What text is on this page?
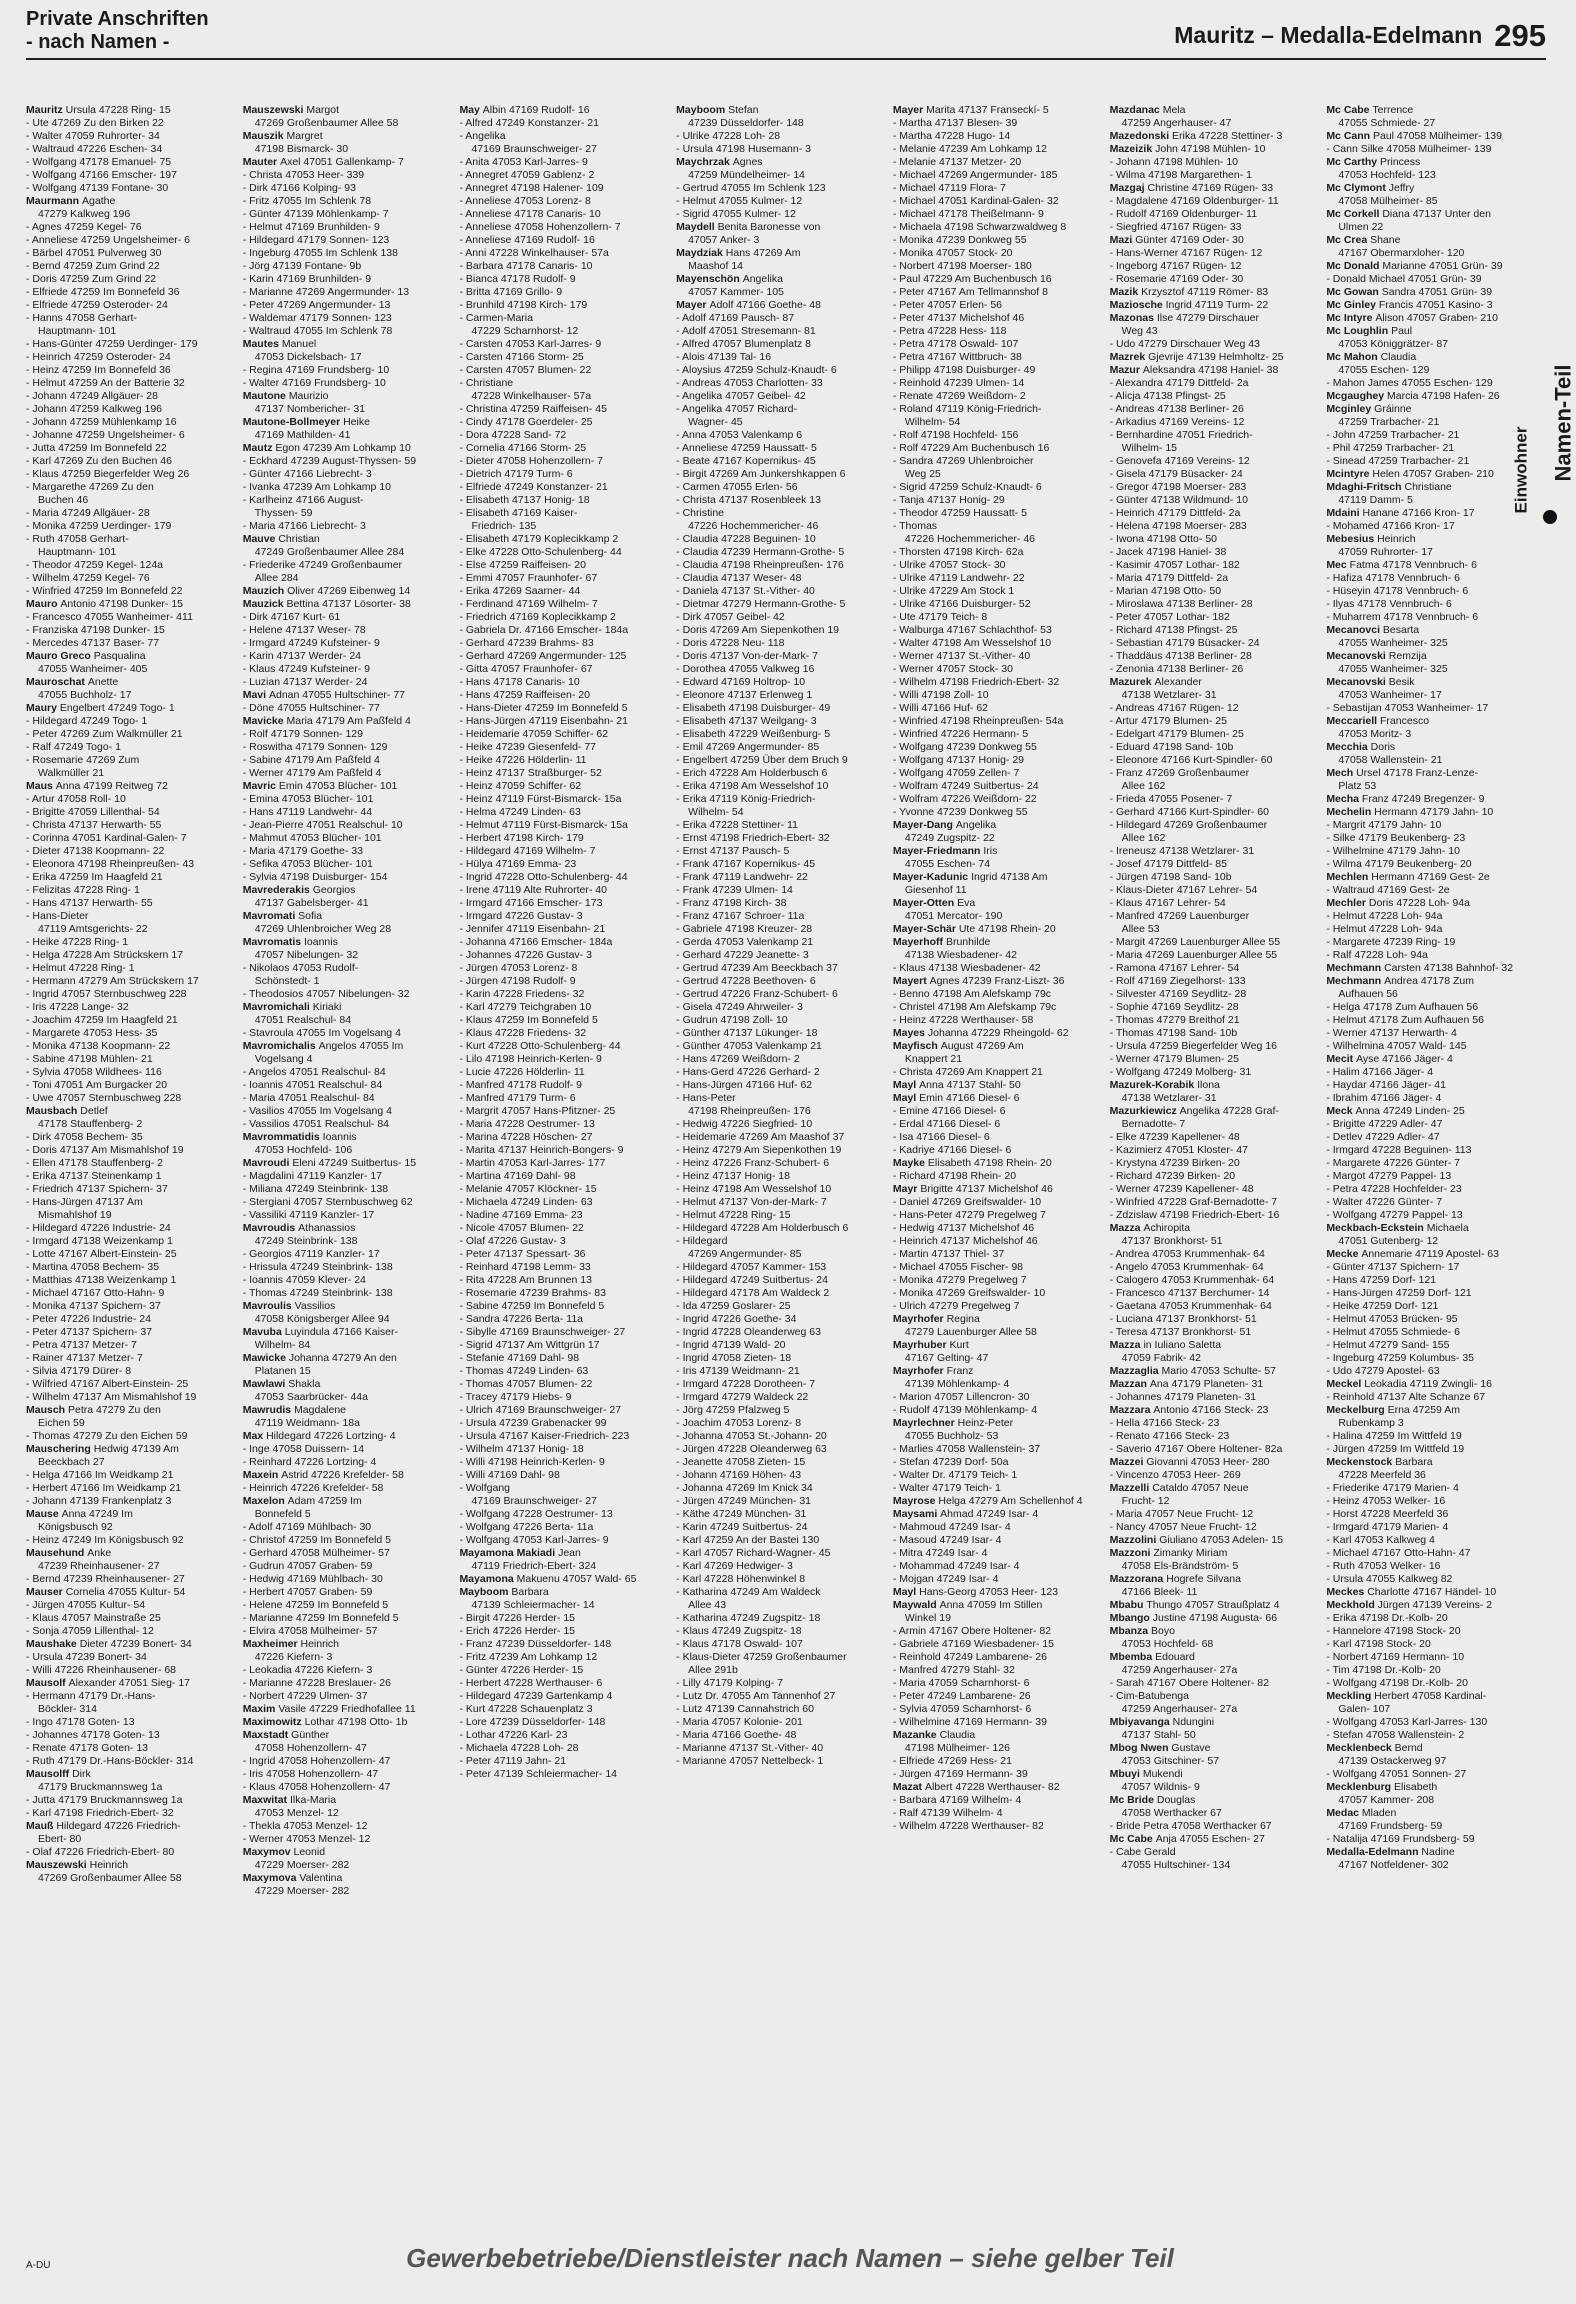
Private Anschriften
- nach Namen -	Mauritz – Medalla-Edelmann 295
Mauritz Ursula 47228 Ring- 15
- Ute 47269 Zu den Birken 22
- Walter 47059 Ruhrorter- 34
- Waltraud 47226 Eschen- 34
- Wolfgang 47178 Emanuel- 75
- Wolfgang 47166 Emscher- 197
- Wolfgang 47139 Fontane- 30
Maurmann Agathe
47279 Kalkweg 196
- Agnes 47259 Kegel- 76
- Anneliese 47259 Ungelsheimer- 6
- Bärbel 47051 Pulverweg 30
- Bernd 47259 Zum Grind 22
- Doris 47259 Zum Grind 22
- Elfriede 47259 Im Bonnefeld 36
- Elfriede 47259 Osteroder- 24
- Hanns 47058 Gerhart-
Hauptmann- 101
- Hans-Günter 47259 Uerdinger- 179
- Heinrich 47259 Osteroder- 24
- Heinz 47259 Im Bonnefeld 36
- Helmut 47259 An der Batterie 32
- Johann 47249 Allgäuer- 28
- Johann 47259 Kalkweg 196
- Johann 47259 Mühlenkamp 16
- Johanne 47259 Ungelsheimer- 6
- Jutta 47259 Im Bonnefeld 22
- Karl 47269 Zu den Buchen 46
- Klaus 47259 Biegerfelder Weg 26
- Margarethe 47269 Zu den
Buchen 46
- Maria 47249 Allgäuer- 28
- Monika 47259 Uerdinger- 179
- Ruth 47058 Gerhart-
Hauptmann- 101
- Theodor 47259 Kegel- 124a
- Wilhelm 47259 Kegel- 76
- Winfried 47259 Im Bonnefeld 22
Mauro Antonio 47198 Dunker- 15
- Francesco 47055 Wanheimer- 411
- Franziska 47198 Dunker- 15
- Mercedes 47137 Baser- 77
Mauro Greco Pasqualina
47055 Wanheimer- 405
Mauroschat Anette
47055 Buchholz- 17
Maury Engelbert 47249 Togo- 1
- Hildegard 47249 Togo- 1
- Peter 47269 Zum Walkmüller 21
- Ralf 47249 Togo- 1
- Rosemarie 47269 Zum
Walkmüller 21
Maus Anna 47199 Reitweg 72
- Artur 47058 Roll- 10
- Brigitte 47059 Lillenthal- 54
- Christa 47137 Herwarth- 55
- Corinna 47051 Kardinal-Galen- 7
- Dieter 47138 Koopmann- 22
- Eleonora 47198 Rheinpreußen- 43
- Erika 47259 Im Haagfeld 21
- Felizitas 47228 Ring- 1
- Hans 47137 Herwarth- 55
- Hans-Dieter
47119 Amtsgerichts- 22
- Heike 47228 Ring- 1
- Helga 47228 Am Strückskern 17
- Helmut 47228 Ring- 1
- Hermann 47279 Am Strückskern 17
- Ingrid 47057 Sternbuschweg 228
- Iris 47228 Lange- 32
- Joachim 47259 Im Haagfeld 21
- Margarete 47053 Hess- 35
- Monika 47138 Koopmann- 22
- Sabine 47198 Mühlen- 21
- Sylvia 47058 Wildhees- 116
- Toni 47051 Am Burgacker 20
- Uwe 47057 Sternbuschweg 228
Mausbach Detlef
47178 Stauffenberg- 2
- Dirk 47058 Bechem- 35
- Doris 47137 Am Mismahlshof 19
- Ellen 47178 Stauffenberg- 2
- Erika 47137 Steinenkamp 1
- Friedrich 47137 Spichern- 37
- Hans-Jürgen 47137 Am
Mismahlshof 19
- Hildegard 47226 Industrie- 24
- Irmgard 47138 Weizenkamp 1
- Lotte 47167 Albert-Einstein- 25
- Martina 47058 Bechem- 35
- Matthias 47138 Weizenkamp 1
- Michael 47167 Otto-Hahn- 9
- Monika 47137 Spichern- 37
- Peter 47226 Industrie- 24
- Peter 47137 Spichern- 37
- Petra 47137 Metzer- 7
- Rainer 47137 Metzer- 7
- Silvia 47179 Dürer- 8
- Wilfried 47167 Albert-Einstein- 25
- Wilhelm 47137 Am Mismahlshof 19
Mausch Petra 47279 Zu den
Eichen 59
- Thomas 47279 Zu den Eichen 59
Mauschering Hedwig 47139 Am
Beeckbach 27
- Helga 47166 Im Weidkamp 21
- Herbert 47166 Im Weidkamp 21
- Johann 47139 Frankenplatz 3
Mause Anna 47249 Im
Königsbusch 92
- Heinz 47249 Im Königsbusch 92
Mausehund Anke
47239 Rheinhausener- 27
- Bernd 47239 Rheinhausener- 27
Mauser Cornelia 47055 Kultur- 54
- Jürgen 47055 Kultur- 54
- Klaus 47057 Mainstraße 25
- Sonja 47059 Lillenthal- 12
Maushake Dieter 47239 Bonert- 34
- Ursula 47239 Bonert- 34
- Willi 47226 Rheinhausener- 68
Mausolf Alexander 47051 Sieg- 17
- Hermann 47179 Dr.-Hans-
Böckler- 314
- Ingo 47178 Goten- 13
- Johannes 47178 Goten- 13
- Renate 47178 Goten- 13
- Ruth 47179 Dr.-Hans-Böckler- 314
Mausolff Dirk
47179 Bruckmannsweg 1a
- Jutta 47179 Bruckmannsweg 1a
- Karl 47198 Friedrich-Ebert- 32
Mauß Hildegard 47226 Friedrich-
Ebert- 80
- Olaf 47226 Friedrich-Ebert- 80
Mauszewski Heinrich
47269 Großenbaumer Allee 58
Mauszewski Margot
47269 Großenbaumer Allee 58
Mauszik Margret
47198 Bismarck- 30
Mauter Axel 47051 Gallenkamp- 7
- Christa 47053 Heer- 339
- Dirk 47166 Kolping- 93
- Fritz 47055 Im Schlenk 78
- Günter 47139 Möhlenkamp- 7
- Helmut 47169 Brunhilden- 9
- Hildegard 47179 Sonnen- 123
- Ingeburg 47055 Im Schlenk 138
- Jörg 47139 Fontane- 9b
- Karin 47169 Brunhilden- 9
- Marianne 47269 Angermunder- 13
- Peter 47269 Angermunder- 13
- Waldemar 47179 Sonnen- 123
- Waltraud 47055 Im Schlenk 78
Mautes Manuel
47053 Dickelsbach- 17
- Regina 47169 Frundsberg- 10
- Walter 47169 Frundsberg- 10
Mautone Maurizio
47137 Nombericher- 31
Mautone-Bollmeyer Heike
47169 Mathilden- 41
Mautz Egon 47239 Am Lohkamp 10
- Eckhard 47239 August-Thyssen- 59
- Günter 47166 Liebrecht- 3
- Ivanka 47239 Am Lohkamp 10
- Karlheinz 47166 August-
Thyssen- 59
- Maria 47166 Liebrecht- 3
Mauve Christian
47249 Großenbaumer Allee 284
- Friederike 47249 Großenbaumer
Allee 284
Mauzich Oliver 47269 Eibenweg 14
Mauzick Bettina 47137 Lösorter- 38
- Dirk 47167 Kurt- 61
- Helene 47137 Weser- 78
- Irmgard 47249 Kufsteiner- 9
- Karin 47137 Werder- 24
- Klaus 47249 Kufsteiner- 9
- Luzian 47137 Werder- 24
Mavi Adnan 47055 Hultschiner- 77
- Döne 47055 Hultschiner- 77
Mavicke Maria 47179 Am Paßfeld 4
- Rolf 47179 Sonnen- 129
- Roswitha 47179 Sonnen- 129
- Sabine 47179 Am Paßfeld 4
- Werner 47179 Am Paßfeld 4
Mavric Emin 47053 Blücher- 101
- Emina 47053 Blücher- 101
- Hans 47119 Landwehr- 44
- Jean-Pierre 47051 Realschul- 10
- Mahmut 47053 Blücher- 101
- Maria 47179 Goethe- 33
- Sefika 47053 Blücher- 101
- Sylvia 47198 Duisburger- 154
Mavrederakis Georgios
47137 Gabelsberger- 41
Mavromati Sofia
47269 Uhlenbroicher Weg 28
Mavromatis Ioannis
47057 Nibelungen- 32
- Nikolaos 47053 Rudolf-
Schönstedt- 1
- Theodosios 47057 Nibelungen- 32
Mavromichali Kiriaki
47051 Realschul- 84
- Stavroula 47055 Im Vogelsang 4
Mavromichalis Angelos 47055 Im
Vogelsang 4
- Angelos 47051 Realschul- 84
- Ioannis 47051 Realschul- 84
- Maria 47051 Realschul- 84
- Vasilios 47055 Im Vogelsang 4
- Vassilios 47051 Realschul- 84
Mavrommatidis Ioannis
47053 Hochfeld- 106
Mavroudi Eleni 47249 Suitbertus- 15
- Magdalini 47119 Kanzler- 17
- Miliana 47249 Steinbrink- 138
- Stergiani 47057 Sternbuschweg 62
- Vassiliki 47119 Kanzler- 17
Mavroudis Athanassios
47249 Steinbrink- 138
- Georgios 47119 Kanzler- 17
- Hrissula 47249 Steinbrink- 138
- Ioannis 47059 Klever- 24
- Thomas 47249 Steinbrink- 138
Mavroulis Vassilios
47058 Königsberger Allee 94
Mavuba Luyindula 47166 Kaiser-
Wilhelm- 84
Mawicke Johanna 47279 An den
Platanen 15
Mawlawi Shakla
47053 Saarbrücker- 44a
Mawrudis Magdalene
47119 Weidmann- 18a
Max Hildegard 47226 Lortzing- 4
- Inge 47058 Duissern- 14
- Reinhard 47226 Lortzing- 4
Maxein Astrid 47226 Krefelder- 58
- Heinrich 47226 Krefelder- 58
Maxelon Adam 47259 Im
Bonnefeld 5
- Adolf 47169 Mühlbach- 30
- Christof 47259 Im Bonnefeld 5
- Gerhard 47058 Mülheimer- 57
- Gudrun 47057 Graben- 59
- Hedwig 47169 Mühlbach- 30
- Herbert 47057 Graben- 59
- Helene 47259 Im Bonnefeld 5
- Marianne 47259 Im Bonnefeld 5
- Elvira 47058 Mülheimer- 57
Maxheimer Heinrich
47226 Kiefern- 3
- Leokadia 47226 Kiefern- 3
- Marianne 47228 Breslauer- 26
- Norbert 47229 Ulmen- 37
Maxim Vasile 47229 Friedhofallee 11
Maximowitz Lothar 47198 Otto- 1b
Maxstadt Günther
47058 Hohenzollern- 47
- Ingrid 47058 Hohenzollern- 47
- Iris 47058 Hohenzollern- 47
- Klaus 47058 Hohenzollern- 47
Maxwitat Ilka-Maria
47053 Menzel- 12
- Thekla 47053 Menzel- 12
- Werner 47053 Menzel- 12
Maxymov Leonid
47229 Moerser- 282
Maxymova Valentina
47229 Moerser- 282
May Albin 47169 Rudolf- 16
- Alfred 47249 Konstanzer- 21
- Angelika
47169 Braunschweiger- 27
- Anita 47053 Karl-Jarres- 9
- Annegret 47059 Gablenz- 2
- Annegret 47198 Halener- 109
- Anneliese 47053 Lorenz- 8
- Anneliese 47178 Canaris- 10
- Anneliese 47058 Hohenzollern- 7
- Anneliese 47169 Rudolf- 16
- Anni 47228 Winkelhauser- 57a
- Barbara 47178 Canaris- 10
- Bianca 47178 Rudolf- 9
- Britta 47169 Grillo- 9
- Brunhild 47198 Kirch- 179
- Carmen-Maria
47229 Scharnhorst- 12
- Carsten 47053 Karl-Jarres- 9
- Carsten 47166 Storm- 25
- Carsten 47057 Blumen- 22
- Christiane
47228 Winkelhauser- 57a
- Christina 47259 Raiffeisen- 45
- Cindy 47178 Goerdeler- 25
- Dora 47228 Sand- 72
- Cornelia 47166 Storm- 25
- Dieter 47058 Hohenzollern- 7
- Dietrich 47179 Turm- 6
- Elfriede 47249 Konstanzer- 21
- Elisabeth 47137 Honig- 18
- Elisabeth 47169 Kaiser-
Friedrich- 135
- Elisabeth 47179 Koplecikkamp 2
- Elke 47228 Otto-Schulenberg- 44
- Else 47259 Raiffeisen- 20
- Emmi 47057 Fraunhofer- 67
- Erika 47269 Saarner- 44
- Ferdinand 47169 Wilhelm- 7
- Friedrich 47169 Koplecikkamp 2
- Gabriela Dr. 47166 Emscher- 184a
- Gerhard 47239 Brahms- 83
- Gerhard 47269 Angermunder- 125
- Gitta 47057 Fraunhofer- 67
- Hans 47178 Canaris- 10
- Hans 47259 Raiffeisen- 20
- Hans-Dieter 47259 Im Bonnefeld 5
- Hans-Jürgen 47119 Eisenbahn- 21
- Heidemarie 47059 Schiffer- 62
- Heike 47239 Giesenfeld- 77
- Heike 47226 Hölderlin- 11
- Heinz 47137 Straßburger- 52
- Heinz 47059 Schiffer- 62
- Heinz 47119 Fürst-Bismarck- 15a
- Helma 47249 Linden- 63
- Helmut 47119 Fürst-Bismarck- 15a
- Herbert 47198 Kirch- 179
- Hildegard 47169 Wilhelm- 7
- Hülya 47169 Emma- 23
- Ingrid 47228 Otto-Schulenberg- 44
- Irene 47119 Alte Ruhrorter- 40
- Irmgard 47166 Emscher- 173
- Irmgard 47226 Gustav- 3
- Jennifer 47119 Eisenbahn- 21
- Johanna 47166 Emscher- 184a
- Johannes 47226 Gustav- 3
- Jürgen 47053 Lorenz- 8
- Jürgen 47198 Rudolf- 9
- Karin 47228 Friedens- 32
- Karl 47279 Teichgraben 10
- Klaus 47259 Im Bonnefeld 5
- Klaus 47228 Friedens- 32
- Kurt 47228 Otto-Schulenberg- 44
- Lilo 47198 Heinrich-Kerlen- 9
- Lucie 47226 Hölderlin- 11
- Manfred 47178 Rudolf- 9
- Manfred 47179 Turm- 6
- Margrit 47057 Hans-Pfitzner- 25
- Maria 47228 Oestrumer- 13
- Marina 47228 Höschen- 27
- Marita 47137 Heinrich-Bongers- 9
- Martin 47053 Karl-Jarres- 177
- Martina 47169 Dahl- 98
- Melanie 47057 Klöckner- 15
- Michaela 47249 Linden- 63
- Nadine 47169 Emma- 23
- Nicole 47057 Blumen- 22
- Olaf 47226 Gustav- 3
- Peter 47137 Spessart- 36
- Reinhard 47198 Lemm- 33
- Rita 47228 Am Brunnen 13
- Rosemarie 47239 Brahms- 83
- Sabine 47259 Im Bonnefeld 5
- Sandra 47226 Berta- 11a
- Sibylle 47169 Braunschweiger- 27
- Sigrid 47137 Am Wittgrün 17
- Stefanie 47169 Dahl- 98
- Thomas 47249 Linden- 63
- Thomas 47057 Blumen- 22
- Tracey 47179 Hiebs- 9
- Ulrich 47169 Braunschweiger- 27
- Ursula 47239 Grabenacker 99
- Ursula 47167 Kaiser-Friedrich- 223
- Wilhelm 47137 Honig- 18
- Willi 47198 Heinrich-Kerlen- 9
- Willi 47169 Dahl- 98
- Wolfgang
47169 Braunschweiger- 27
- Wolfgang 47228 Oestrumer- 13
- Wolfgang 47226 Berta- 11a
- Wolfgang 47053 Karl-Jarres- 9
Mayamona Makiadi Jean
47119 Friedrich-Ebert- 324
Mayamona Makuenu 47057 Wald- 65
Mayboom Barbara
47139 Schleiermacher- 14
- Birgit 47226 Herder- 15
- Erich 47226 Herder- 15
- Franz 47239 Düsseldorfer- 148
- Fritz 47239 Am Lohkamp 12
- Günter 47226 Herder- 15
- Herbert 47228 Werthauser- 6
- Hildegard 47239 Gartenkamp 4
- Kurt 47228 Schauenplatz 3
- Lore 47239 Düsseldorfer- 148
- Lothar 47226 Karl- 23
- Michaela 47228 Loh- 28
- Peter 47119 Jahn- 21
- Peter 47139 Schleiermacher- 14
Mayboom Stefan
47239 Düsseldorfer- 148
- Ulrike 47228 Loh- 28
- Ursula 47198 Husemann- 3
Maychrzak Agnes
47259 Mündelheimer- 14
- Gertrud 47055 Im Schlenk 123
- Helmut 47055 Kulmer- 12
- Sigrid 47055 Kulmer- 12
Maydell Benita Baronesse von
47057 Anker- 3
Maydziak Hans 47269 Am
Maashof 14
Mayenschön Angelika
47057 Kammer- 105
Mayer Adolf 47166 Goethe- 48
- Adolf 47169 Pausch- 87
- Adolf 47051 Stresemann- 81
- Alfred 47057 Blumenplatz 8
- Alois 47139 Tal- 16
- Aloysius 47259 Schulz-Knaudt- 6
- Andreas 47053 Charlotten- 33
- Angelika 47057 Geibel- 42
- Angelika 47057 Richard-
Wagner- 45
- Anna 47053 Valenkamp 6
- Anneliese 47259 Haussatt- 5
- Beate 47167 Kopernikus- 45
- Birgit 47269 Am Junkershkappen 6
- Carmen 47055 Erlen- 56
- Christa 47137 Rosenbleek 13
- Christine
47226 Hochemmericher- 46
- Claudia 47228 Beguinen- 10
- Claudia 47239 Hermann-Grothe- 5
- Claudia 47198 Rheinpreußen- 176
- Claudia 47137 Weser- 48
- Daniela 47137 St.-Vither- 40
- Dietmar 47279 Hermann-Grothe- 5
- Dirk 47057 Geibel- 42
- Doris 47269 Am Siepenkothen 19
- Doris 47228 Neu- 118
- Doris 47137 Von-der-Mark- 7
- Dorothea 47055 Valkweg 16
- Edward 47169 Holtrop- 10
- Eleonore 47137 Erlenweg 1
- Elisabeth 47198 Duisburger- 49
- Elisabeth 47137 Weilgang- 3
- Elisabeth 47229 Weißenburg- 5
- Emil 47269 Angermunder- 85
- Engelbert 47259 Über dem Bruch 9
- Erich 47228 Am Holderbusch 6
- Erika 47198 Am Wesselshof 10
- Erika 47119 König-Friedrich-
Wilhelm- 54
- Erika 47228 Stettiner- 11
- Ernst 47198 Friedrich-Ebert- 32
- Ernst 47137 Pausch- 5
- Frank 47167 Kopernikus- 45
- Frank 47119 Landwehr- 22
- Frank 47239 Ulmen- 14
- Franz 47198 Kirch- 38
- Franz 47167 Schroer- 11a
- Gabriele 47198 Kreuzer- 28
- Gerda 47053 Valenkamp 21
- Gerhard 47229 Jeanette- 3
- Gertrud 47239 Am Beeckbach 37
- Gertrud 47228 Beethoven- 6
- Gertrud 47226 Franz-Schubert- 6
- Gisela 47249 Ahrweiler- 3
- Gudrun 47198 Zoll- 10
- Günther 47137 Lükunger- 18
- Günther 47053 Valenkamp 21
- Hans 47269 Weißdorn- 2
- Hans-Gerd 47226 Gerhard- 2
- Hans-Jürgen 47166 Huf- 62
- Hans-Peter
47198 Rheinpreußen- 176
- Hedwig 47226 Siegfried- 10
- Heidemarie 47269 Am Maashof 37
- Heinz 47279 Am Siepenkothen 19
- Heinz 47226 Franz-Schubert- 6
- Heinz 47137 Honig- 18
- Heinz 47198 Am Wesselshof 10
- Helmut 47137 Von-der-Mark- 7
- Helmut 47228 Ring- 15
- Hildegard 47228 Am Holderbusch 6
- Hildegard
47269 Angermunder- 85
- Hildegard 47057 Kammer- 153
- Hildegard 47249 Suitbertus- 24
- Hildegard 47178 Am Waldeck 2
- Ida 47259 Goslarer- 25
- Ingrid 47226 Goethe- 34
- Ingrid 47228 Oleanderweg 63
- Ingrid 47139 Wald- 20
- Ingrid 47058 Zieten- 18
- Iris 47139 Weidmann- 21
- Irmgard 47228 Dorotheen- 7
- Irmgard 47279 Waldeck 22
- Jörg 47259 Pfalzweg 5
- Joachim 47053 Lorenz- 8
- Johanna 47053 St.-Johann- 20
- Jürgen 47228 Oleanderweg 63
- Jeanette 47058 Zieten- 15
- Johann 47169 Höhen- 43
- Johanna 47269 Im Knick 34
- Jürgen 47249 München- 31
- Käthe 47249 München- 31
- Karin 47249 Suitbertus- 24
- Karl 47259 An der Bastei 130
- Karl 47057 Richard-Wagner- 45
- Karl 47269 Hedwiger- 3
- Karl 47228 Höhenwinkel 8
- Katharina 47249 Am Waldeck
Allee 43
- Katharina 47249 Zugspitz- 18
- Klaus 47249 Zugspitz- 18
- Klaus 47178 Oswald- 107
- Klaus-Dieter 47259 Großenbaumer
Allee 291b
- Lilly 47179 Kolping- 7
- Lutz Dr. 47055 Am Tannenhof 27
- Lutz 47139 Cannahstrich 60
- Maria 47057 Kolonie- 201
- Maria 47166 Goethe- 48
- Marianne 47137 St.-Vither- 40
- Marianne 47057 Nettelbeck- 1
Mayer Marita 47137 Franseckí- 5
- Martha 47137 Blesen- 39
- Martha 47228 Hugo- 14
- Melanie 47239 Am Lohkamp 12
- Melanie 47137 Metzer- 20
- Michael 47269 Angermunder- 185
- Michael 47119 Flora- 7
- Michael 47051 Kardinal-Galen- 32
- Michael 47178 Theißelmann- 9
- Michaela 47198 Schwarzwaldweg 8
- Monika 47239 Donkweg 55
- Monika 47057 Stock- 20
- Norbert 47198 Moerser- 180
- Paul 47229 Am Buchenbusch 16
- Peter 47167 Am Tellmannshof 8
- Peter 47057 Erlen- 56
- Peter 47137 Michelshof 46
- Petra 47228 Hess- 118
- Petra 47178 Oswald- 107
- Petra 47167 Wittbruch- 38
- Philipp 47198 Duisburger- 49
- Reinhold 47239 Ulmen- 14
- Renate 47269 Weißdorn- 2
- Roland 47119 König-Friedrich-
Wilhelm- 54
- Rolf 47198 Hochfeld- 156
- Rolf 47229 Am Buchenbusch 16
- Sandra 47269 Uhlenbroicher
Weg 25
- Sigrid 47259 Schulz-Knaudt- 6
- Tanja 47137 Honig- 29
- Theodor 47259 Haussatt- 5
- Thomas
47226 Hochemmericher- 46
- Thorsten 47198 Kirch- 62a
- Ulrike 47057 Stock- 30
- Ulrike 47119 Landwehr- 22
- Ulrike 47229 Am Stock 1
- Ulrike 47166 Duisburger- 52
- Ute 47179 Teich- 8
- Walburga 47167 Schlachthof- 53
- Walter 47198 Am Wesselshof 10
- Werner 47137 St.-Vither- 40
- Werner 47057 Stock- 30
- Wilhelm 47198 Friedrich-Ebert- 32
- Willi 47198 Zoll- 10
- Willi 47166 Huf- 62
- Winfried 47198 Rheinpreußen- 54a
- Winfried 47226 Hermann- 5
- Wolfgang 47239 Donkweg 55
- Wolfgang 47137 Honig- 29
- Wolfgang 47059 Zellen- 7
- Wolfram 47249 Suitbertus- 24
- Wolfram 47226 Weißdorn- 22
- Yvonne 47239 Donkweg 55
Mayer-Dang Angelika
47249 Zugspitz- 22
Mayer-Friedmann Iris
47055 Eschen- 74
Mayer-Kadunic Ingrid 47138 Am
Giesenhof 11
Mayer-Otten Eva
47051 Mercator- 190
Mayer-Schär Ute 47198 Rhein- 20
Mayerhoff Brunhilde
47138 Wiesbadener- 42
- Klaus 47138 Wiesbadener- 42
Mayert Agnes 47239 Franz-Liszt- 36
- Benno 47198 Am Alefskamp 79c
- Christel 47198 Am Alefskamp 79c
- Heinz 47228 Werthauser- 58
Mayes Johanna 47229 Rheingold- 62
Mayfisch August 47269 Am
Knappert 21
- Christa 47269 Am Knappert 21
Mayl Anna 47137 Stahl- 50
Mayl Emin 47166 Diesel- 6
- Emine 47166 Diesel- 6
- Erdal 47166 Diesel- 6
- Isa 47166 Diesel- 6
- Kadriye 47166 Diesel- 6
Mayke Elisabeth 47198 Rhein- 20
- Richard 47198 Rhein- 20
Mayr Brigitte 47137 Michelshof 46
- Daniel 47269 Greifswalder- 10
- Hans-Peter 47279 Pregelweg 7
- Hedwig 47137 Michelshof 46
- Heinrich 47137 Michelshof 46
- Martin 47137 Thiel- 37
- Michael 47055 Fischer- 98
- Monika 47279 Pregelweg 7
- Monika 47269 Greifswalder- 10
- Ulrich 47279 Pregelweg 7
Mayrhofer Regina
47279 Lauenburger Allee 58
Mayrhuber Kurt
47167 Gelting- 47
Mayrhofer Franz
47139 Möhlenkamp- 4
- Marion 47057 Lillencron- 30
- Rudolf 47139 Möhlenkamp- 4
Mayrlechner Heinz-Peter
47055 Buchholz- 53
- Marlies 47058 Wallenstein- 37
- Stefan 47239 Dorf- 50a
- Walter Dr. 47179 Teich- 1
- Walter 47179 Teich- 1
Mayrose Helga 47279 Am Schellenhof 4
Maysami Ahmad 47249 Isar- 4
- Mahmoud 47249 Isar- 4
- Masoud 47249 Isar- 4
- Mitra 47249 Isar- 4
- Mohammad 47249 Isar- 4
- Mojgan 47249 Isar- 4
Mayl Hans-Georg 47053 Heer- 123
Maywald Anna 47059 Im Stillen
Winkel 19
- Armin 47167 Obere Holtener- 82
- Gabriele 47169 Wiesbadener- 15
- Reinhold 47249 Lambarene- 26
- Manfred 47279 Stahl- 32
- Maria 47059 Scharnhorst- 6
- Peter 47249 Lambarene- 26
- Sylvia 47059 Scharnhorst- 6
- Wilhelmine 47169 Hermann- 39
Mazanke Claudia
47198 Mülheimer- 126
- Elfriede 47269 Hess- 21
- Jürgen 47169 Hermann- 39
Mazat Albert 47228 Werthauser- 82
- Barbara 47169 Wilhelm- 4
- Ralf 47139 Wilhelm- 4
- Wilhelm 47228 Werthauser- 82
Mazdanac Mela
47259 Angerhauser- 47
Mazedonski Erika 47228 Stettiner- 3
Mazeizik John 47198 Mühlen- 10
- Johann 47198 Mühlen- 10
- Wilma 47198 Margarethen- 1
Mazgaj Christine 47169 Rügen- 33
- Magdalene 47169 Oldenburger- 11
- Rudolf 47169 Oldenburger- 11
- Siegfried 47167 Rügen- 33
Mazi Günter 47169 Oder- 30
- Hans-Werner 47167 Rügen- 12
- Ingeborg 47167 Rügen- 12
- Rosemarie 47169 Oder- 30
Mazik Krzysztof 47119 Römer- 83
Maziosche Ingrid 47119 Turm- 22
Mazonas Ilse 47279 Dirschauer
Weg 43
- Udo 47279 Dirschauer Weg 43
Mazrek Gjevrije 47139 Helmholtz- 25
Mazur Aleksandra 47198 Haniel- 38
- Alexandra 47179 Dittfeld- 2a
- Alicja 47138 Pfingst- 25
- Andreas 47138 Berliner- 26
- Arkadius 47169 Vereins- 12
- Bernhardine 47051 Friedrich-
Wilhelm- 15
- Genovefa 47169 Vereins- 12
- Gisela 47179 Büsacker- 24
- Gregor 47198 Moerser- 283
- Günter 47138 Wildmund- 10
- Heinrich 47179 Dittfeld- 2a
- Helena 47198 Moerser- 283
- Iwona 47198 Otto- 50
- Jacek 47198 Haniel- 38
- Kasimir 47057 Lothar- 182
- Maria 47179 Dittfeld- 2a
- Marian 47198 Otto- 50
- Miroslawa 47138 Berliner- 28
- Peter 47057 Lothar- 182
- Richard 47138 Pfingst- 25
- Sebastian 47179 Büsacker- 24
- Thaddäus 47138 Berliner- 28
- Zenonia 47138 Berliner- 26
Mazurek Alexander
47138 Wetzlarer- 31
- Andreas 47167 Rügen- 12
- Artur 47179 Blumen- 25
- Edelgart 47179 Blumen- 25
- Eduard 47198 Sand- 10b
- Eleonore 47166 Kurt-Spindler- 60
- Franz 47269 Großenbaumer
Allee 162
- Frieda 47055 Posener- 7
- Gerhard 47166 Kurt-Spindler- 60
- Hildegard 47269 Großenbaumer
Allee 162
- Ireneusz 47138 Wetzlarer- 31
- Josef 47179 Dittfeld- 85
- Jürgen 47198 Sand- 10b
- Klaus-Dieter 47167 Lehrer- 54
- Klaus 47167 Lehrer- 54
- Manfred 47269 Lauenburger
Allee 53
- Margit 47269 Lauenburger Allee 55
- Maria 47269 Lauenburger Allee 55
- Ramona 47167 Lehrer- 54
- Rolf 47169 Ziegelhorst- 133
- Silvester 47169 Seydlitz- 28
- Sophie 47169 Seydlitz- 28
- Thomas 47279 Breithof 21
- Thomas 47198 Sand- 10b
- Ursula 47259 Biegerfelder Weg 16
- Werner 47179 Blumen- 25
- Wolfgang 47249 Molberg- 31
Mazurek-Korabik Ilona
47138 Wetzlarer- 31
Mazurkiewicz Angelika 47228 Graf-
Bernadotte- 7
- Elke 47239 Kapellener- 48
- Kazimierz 47051 Kloster- 47
- Krystyna 47239 Birken- 20
- Richard 47239 Birken- 20
- Werner 47239 Kapellener- 48
- Winfried 47228 Graf-Bernadotte- 7
- Zdzislaw 47198 Friedrich-Ebert- 16
Mazza Achiropita
47137 Bronkhorst- 51
- Andrea 47053 Krummenhak- 64
- Angelo 47053 Krummenhak- 64
- Calogero 47053 Krummenhak- 64
- Francesco 47137 Berchumer- 14
- Gaetana 47053 Krummenhak- 64
- Luciana 47137 Bronkhorst- 51
- Teresa 47137 Bronkhorst- 51
Mazza in Iuliano Saletta
47059 Fabrik- 42
Mazzaglia Mario 47053 Schulte- 57
Mazzan Ana 47179 Planeten- 31
- Johannes 47179 Planeten- 31
Mazzara Antonio 47166 Steck- 23
- Hella 47166 Steck- 23
- Renato 47166 Steck- 23
- Saverio 47167 Obere Holtener- 82a
Mazzei Giovanni 47053 Heer- 280
- Vincenzo 47053 Heer- 269
Mazzelli Cataldo 47057 Neue
Frucht- 12
- Maria 47057 Neue Frucht- 12
- Nancy 47057 Neue Frucht- 12
Mazzolini Giuliano 47053 Adelen- 15
Mazzoni Zimanky Miriam
47058 Els-Brändström- 5
Mazzorana Hogrefe Silvana
47166 Bleek- 11
Mbabu Thungo 47057 Straußplatz 4
Mbango Justine 47198 Augusta- 66
Mbanza Boyo
47053 Hochfeld- 68
Mbemba Edouard
47259 Angerhauser- 27a
- Sarah 47167 Obere Holtener- 82
- Cim-Batubenga
47259 Angerhauser- 27a
Mbiyavanga Ndungini
47137 Stahl- 50
Mbog Nwen Gustave
47053 Gitschiner- 57
Mbuyi Mukendi
47057 Wildnis- 9
Mc Bride Douglas
47058 Werthacker 67
- Bride Petra 47058 Werthacker 67
Mc Cabe Anja 47055 Eschen- 27
- Cabe Gerald
47055 Hultschiner- 134
Mc Cabe Terrence
47055 Schmiede- 27
Mc Cann Paul 47058 Mülheimer- 139
- Cann Silke 47058 Mülheimer- 139
Mc Carthy Princess
47053 Hochfeld- 123
Mc Clymont Jeffry
47058 Mülheimer- 85
Mc Corkell Diana 47137 Unter den
Ulmen 22
Mc Crea Shane
47167 Obermarxloher- 120
Mc Donald Marianne 47051 Grün- 39
- Donald Michael 47051 Grün- 39
Mc Gowan Sandra 47051 Grün- 39
Mc Ginley Francis 47051 Kasino- 3
Mc Intyre Alison 47057 Graben- 210
Mc Loughlin Paul
47053 Königgrätzer- 87
Mc Mahon Claudia
47055 Eschen- 129
- Mahon James 47055 Eschen- 129
Mcgaughey Marcia 47198 Hafen- 26
Mcginley Gráinne
47259 Trarbacher- 21
- John 47259 Trarbacher- 21
- Phil 47259 Trarbacher- 21
- Sinead 47259 Trarbacher- 21
Mcintyre Helen 47057 Graben- 210
Mdaghi-Fritsch Christiane
47119 Damm- 5
Mdaini Hanane 47166 Kron- 17
- Mohamed 47166 Kron- 17
Mebesius Heinrich
47059 Ruhrorter- 17
Mec Fatma 47178 Vennbruch- 6
- Hafiza 47178 Vennbruch- 6
- Hüseyin 47178 Vennbruch- 6
- Ilyas 47178 Vennbruch- 6
- Muharrem 47178 Vennbruch- 6
Mecanovci Besarta
47055 Wanheimer- 325
Mecanovski Remzija
47055 Wanheimer- 325
Mecanovski Besik
47053 Wanheimer- 17
- Sebastijan 47053 Wanheimer- 17
Meccariell Francesco
47053 Moritz- 3
Mecchia Doris
47058 Wallenstein- 21
Mech Ursel 47178 Franz-Lenze-
Platz 53
Mecha Franz 47249 Bregenzer- 9
Mechelin Hermann 47179 Jahn- 10
- Margrit 47179 Jahn- 10
- Silke 47179 Beukenberg- 23
- Wilhelmine 47179 Jahn- 10
- Wilma 47179 Beukenberg- 20
Mechlen Hermann 47169 Gest- 2e
- Waltraud 47169 Gest- 2e
Mechler Doris 47228 Loh- 94a
- Helmut 47228 Loh- 94a
- Helmut 47228 Loh- 94a
- Margarete 47239 Ring- 19
- Ralf 47228 Loh- 94a
Mechmann Carsten 47138 Bahnhof- 32
Mechmann Andrea 47178 Zum
Aufhauen 56
- Helga 47178 Zum Aufhauen 56
- Helmut 47178 Zum Aufhauen 56
- Werner 47137 Herwarth- 4
- Wilhelmina 47057 Wald- 145
Mecit Ayse 47166 Jäger- 4
- Halim 47166 Jäger- 4
- Haydar 47166 Jäger- 41
- Ibrahim 47166 Jäger- 4
Meck Anna 47249 Linden- 25
- Brigitte 47229 Adler- 47
- Detlev 47229 Adler- 47
- Irmgard 47228 Beguinen- 113
- Margarete 47226 Günter- 7
- Margot 47279 Pappel- 13
- Petra 47228 Hochfelder- 23
- Walter 47226 Günter- 7
- Wolfgang 47279 Pappel- 13
Meckbach-Eckstein Michaela
47051 Gutenberg- 12
Mecke Annemarie 47119 Apostel- 63
- Günter 47137 Spichern- 17
- Hans 47259 Dorf- 121
- Hans-Jürgen 47259 Dorf- 121
- Heike 47259 Dorf- 121
- Helmut 47053 Brücken- 95
- Helmut 47055 Schmiede- 6
- Helmut 47279 Sand- 155
- Ingeburg 47259 Kolumbus- 35
- Udo 47279 Apostel- 63
Meckel Leokadia 47119 Zwingli- 16
- Reinhold 47137 Alte Schanze 67
Meckelburg Erna 47259 Am
Rubenkamp 3
- Halina 47259 Im Wittfeld 19
- Jürgen 47259 Im Wittfeld 19
Meckenstock Barbara
47228 Meerfeld 36
- Friederike 47179 Marien- 4
- Heinz 47053 Welker- 16
- Horst 47228 Meerfeld 36
- Irmgard 47179 Marien- 4
- Karl 47053 Kalkweg 4
- Michael 47167 Otto-Hahn- 47
- Ruth 47053 Welker- 16
- Ursula 47055 Kalkweg 82
Meckes Charlotte 47167 Händel- 10
Meckhold Jürgen 47139 Vereins- 2
- Erika 47198 Dr.-Kolb- 20
- Hannelore 47198 Stock- 20
- Karl 47198 Stock- 20
- Norbert 47169 Hermann- 10
- Tim 47198 Dr.-Kolb- 20
- Wolfgang 47198 Dr.-Kolb- 20
Meckling Herbert 47058 Kardinal-
Galen- 107
- Wolfgang 47053 Karl-Jarres- 130
- Stefan 47058 Wallenstein- 2
Mecklenbeck Bernd
47139 Ostackerweg 97
- Wolfgang 47051 Sonnen- 27
Mecklenburg Elisabeth
47057 Kammer- 208
Medac Mladen
47169 Frundsberg- 59
- Natalija 47169 Frundsberg- 59
Medalla-Edelmann Nadine
47167 Notfeldener- 302
Einwohner Namen-Teil
A-DU	Gewerbebetriebe/Dienstleister nach Namen – siehe gelber Teil
